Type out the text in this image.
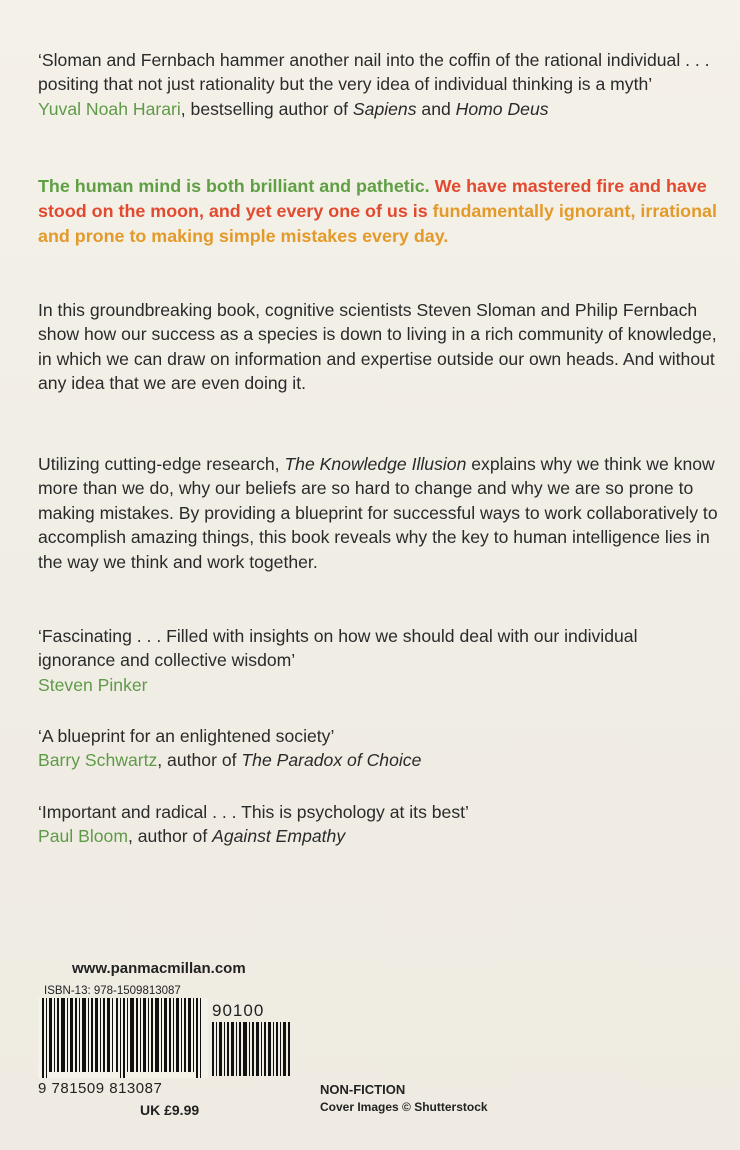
‘Sloman and Fernbach hammer another nail into the coffin of the rational individual . . . positing that not just rationality but the very idea of individual thinking is a myth’

Yuval Noah Harari, bestselling author of Sapiens and Homo Deus

The human mind is both brilliant and pathetic. We have mastered fire and have stood on the moon, and yet every one of us is fundamentally ignorant, irrational and prone to making simple mistakes every day.

In this groundbreaking book, cognitive scientists Steven Sloman and Philip Fernbach show how our success as a species is down to living in a rich community of knowledge, in which we can draw on information and expertise outside our own heads. And without any idea that we are even doing it.

Utilizing cutting-edge research, The Knowledge Illusion explains why we think we know more than we do, why our beliefs are so hard to change and why we are so prone to making mistakes. By providing a blueprint for successful ways to work collaboratively to accomplish amazing things, this book reveals why the key to human intelligence lies in the way we think and work together.

‘Fascinating . . . Filled with insights on how we should deal with our individual ignorance and collective wisdom’

Steven Pinker

‘A blueprint for an enlightened society’

Barry Schwartz, author of The Paradox of Choice

‘Important and radical . . . This is psychology at its best’

Paul Bloom, author of Against Empathy

www.panmacmillan.com
ISBN-13: 978-1509813087
90100
9 781509 813087
UK £9.99
NON-FICTION
Cover Images © Shutterstock
